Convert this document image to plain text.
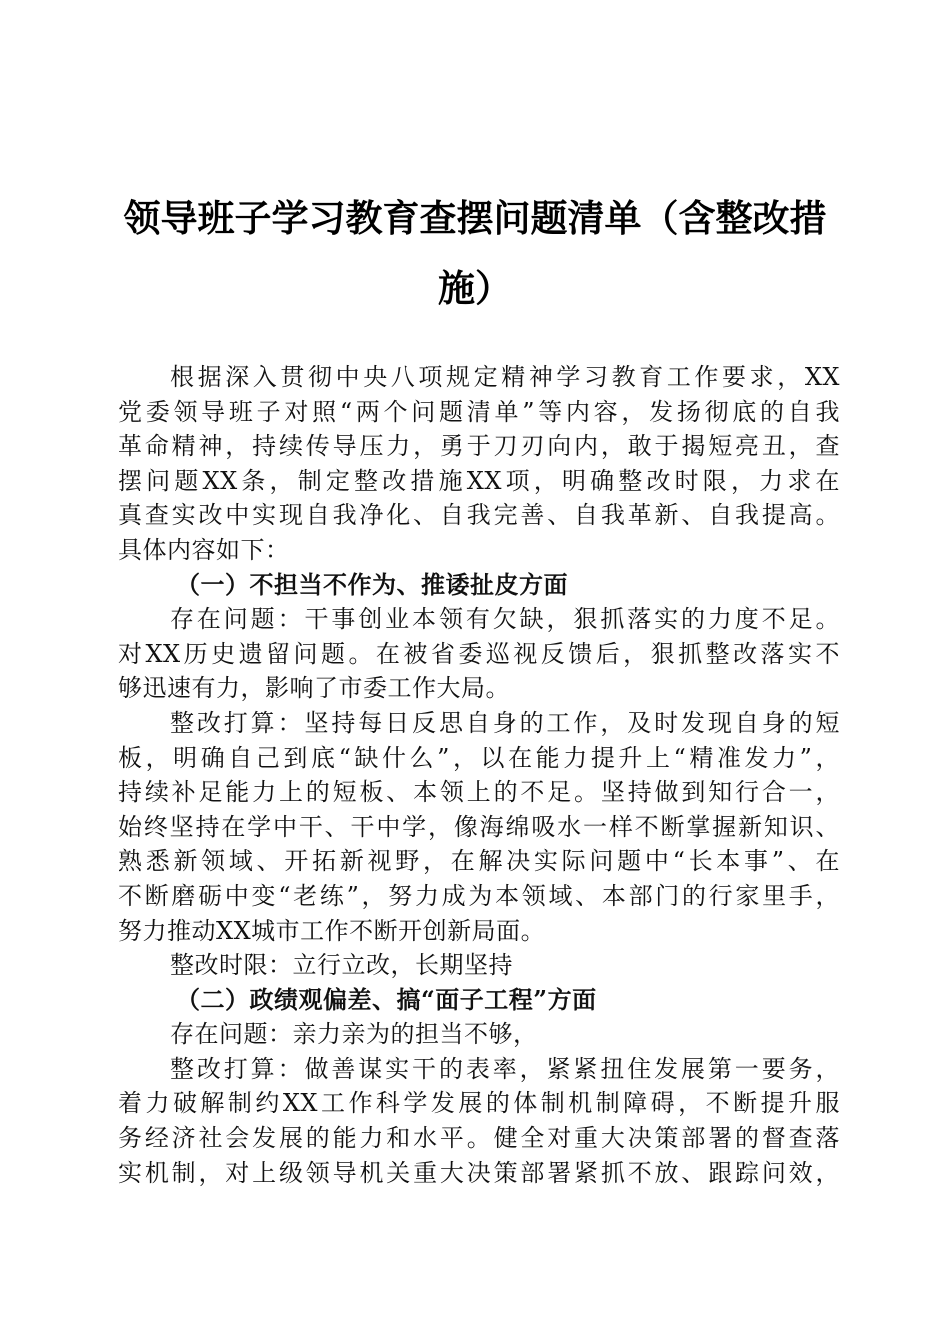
领导班子学习教育查摆问题清单（含整改措
施）
根据深入贯彻中央八项规定精神学习教育工作要求，XX
党委领导班子对照“两个问题清单”等内容，发扬彻底的自我
革命精神，持续传导压力，勇于刀刃向内，敢于揭短亮丑，查
摆问题XX条，制定整改措施XX项，明确整改时限，力求在
真查实改中实现自我净化、自我完善、自我革新、自我提高。
具体内容如下：
（一）不担当不作为、推诿扯皮方面
存在问题：干事创业本领有欠缺，狠抓落实的力度不足。
对XX历史遗留问题。在被省委巡视反馈后，狠抓整改落实不
够迅速有力，影响了市委工作大局。
整改打算：坚持每日反思自身的工作，及时发现自身的短
板，明确自己到底“缺什么”，以在能力提升上“精准发力”，
持续补足能力上的短板、本领上的不足。坚持做到知行合一，
始终坚持在学中干、干中学，像海绵吸水一样不断掌握新知识、
熟悉新领域、开拓新视野，在解决实际问题中“长本事”、在
不断磨砺中变“老练”，努力成为本领域、本部门的行家里手，
努力推动XX城市工作不断开创新局面。
整改时限：立行立改，长期坚持
（二）政绩观偏差、搞“面子工程”方面
存在问题：亲力亲为的担当不够，
整改打算：做善谋实干的表率，紧紧扭住发展第一要务，
着力破解制约XX工作科学发展的体制机制障碍，不断提升服
务经济社会发展的能力和水平。健全对重大决策部署的督查落
实机制，对上级领导机关重大决策部署紧抓不放、跟踪问效，
